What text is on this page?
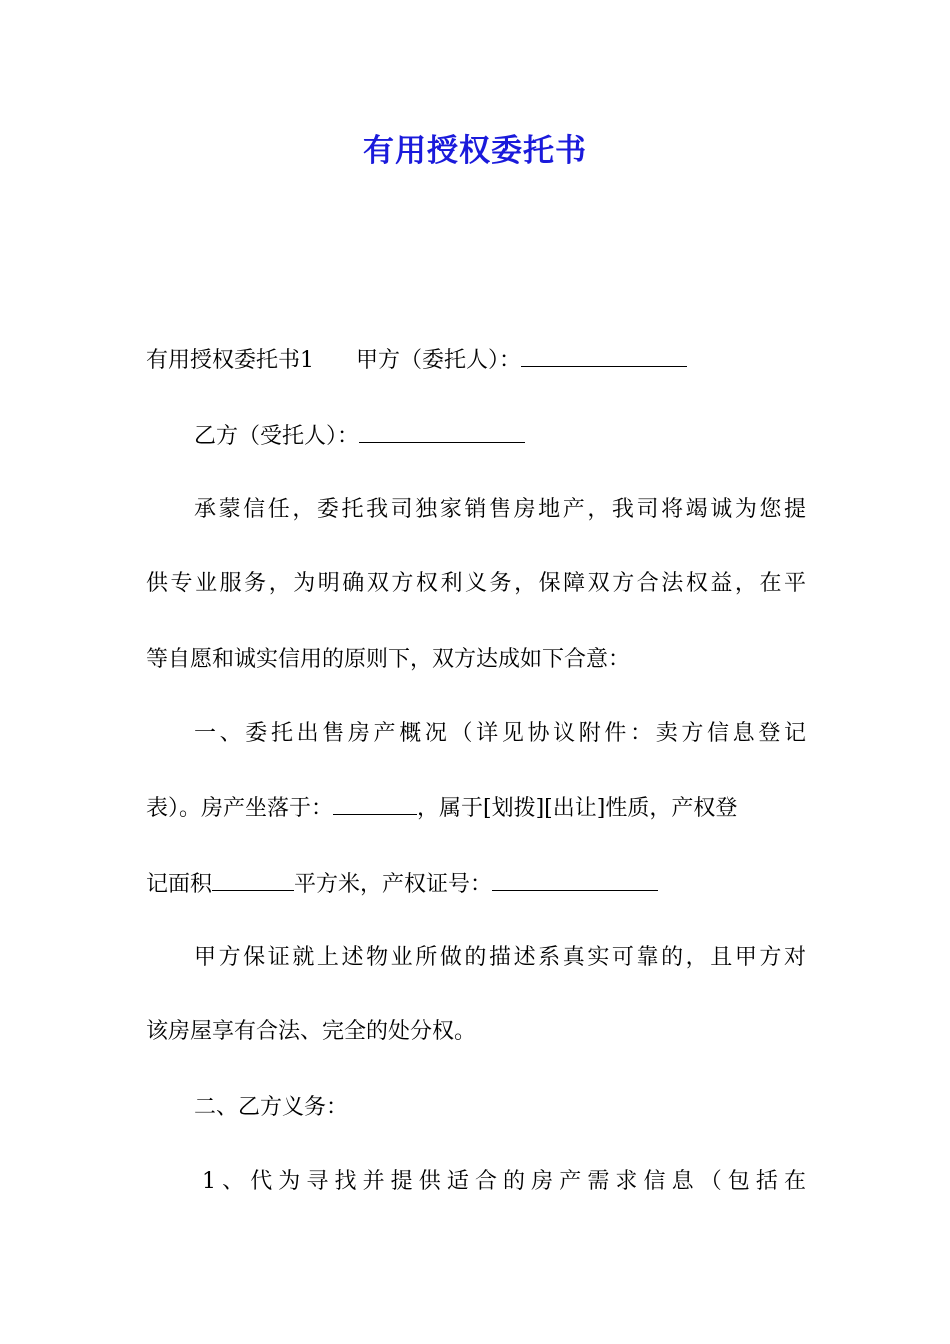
有用授权委托书
有用授权委托书1 甲方（委托人）：
乙方（受托人）：
承蒙信任，委托我司独家销售房地产，我司将竭诚为您提
供专业服务，为明确双方权利义务，保障双方合法权益，在平
等自愿和诚实信用的原则下，双方达成如下合意：
一、委托出售房产概况（详见协议附件：卖方信息登记
表）。房产坐落于：	，属于[划拨][出让]性质，产权登
记面积	平方米，产权证号：
甲方保证就上述物业所做的描述系真实可靠的，且甲方对
该房屋享有合法、完全的处分权。
二、乙方义务：
1、代为寻找并提供适合的房产需求信息（包括在
